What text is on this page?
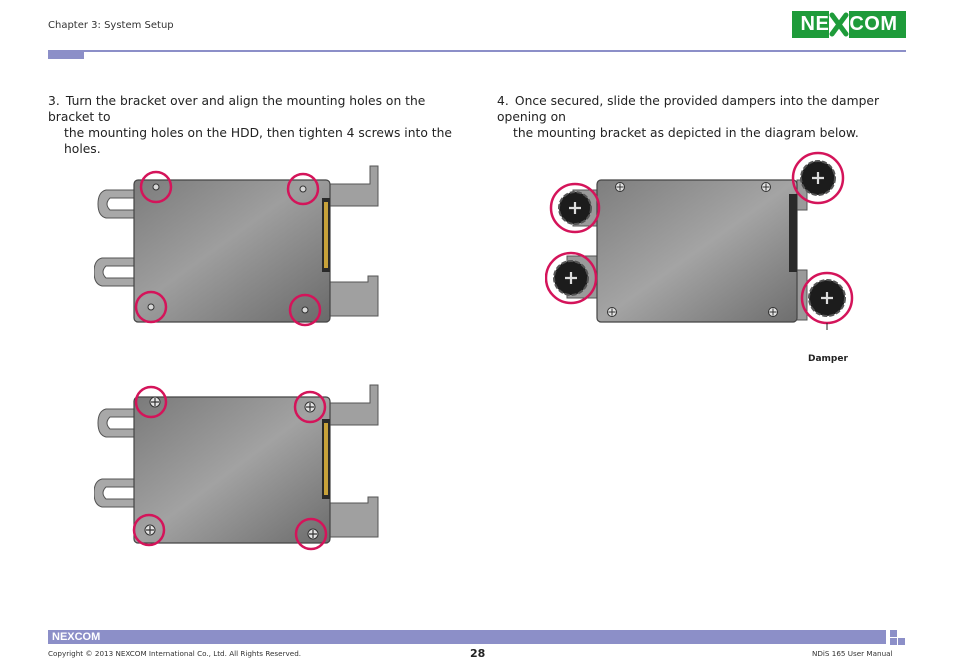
Chapter 3: System Setup	NE COM
3. Turn the bracket over and align the mounting holes on the bracket to
the mounting holes on the HDD, then tighten 4 screws into the holes.
4. Once secured, slide the provided dampers into the damper opening on
the mounting bracket as depicted in the diagram below.
Damper
NEXCOM
Copyright © 2013 NEXCOM International Co., Ltd. All Rights Reserved.	28	NDiS 165 User Manual
